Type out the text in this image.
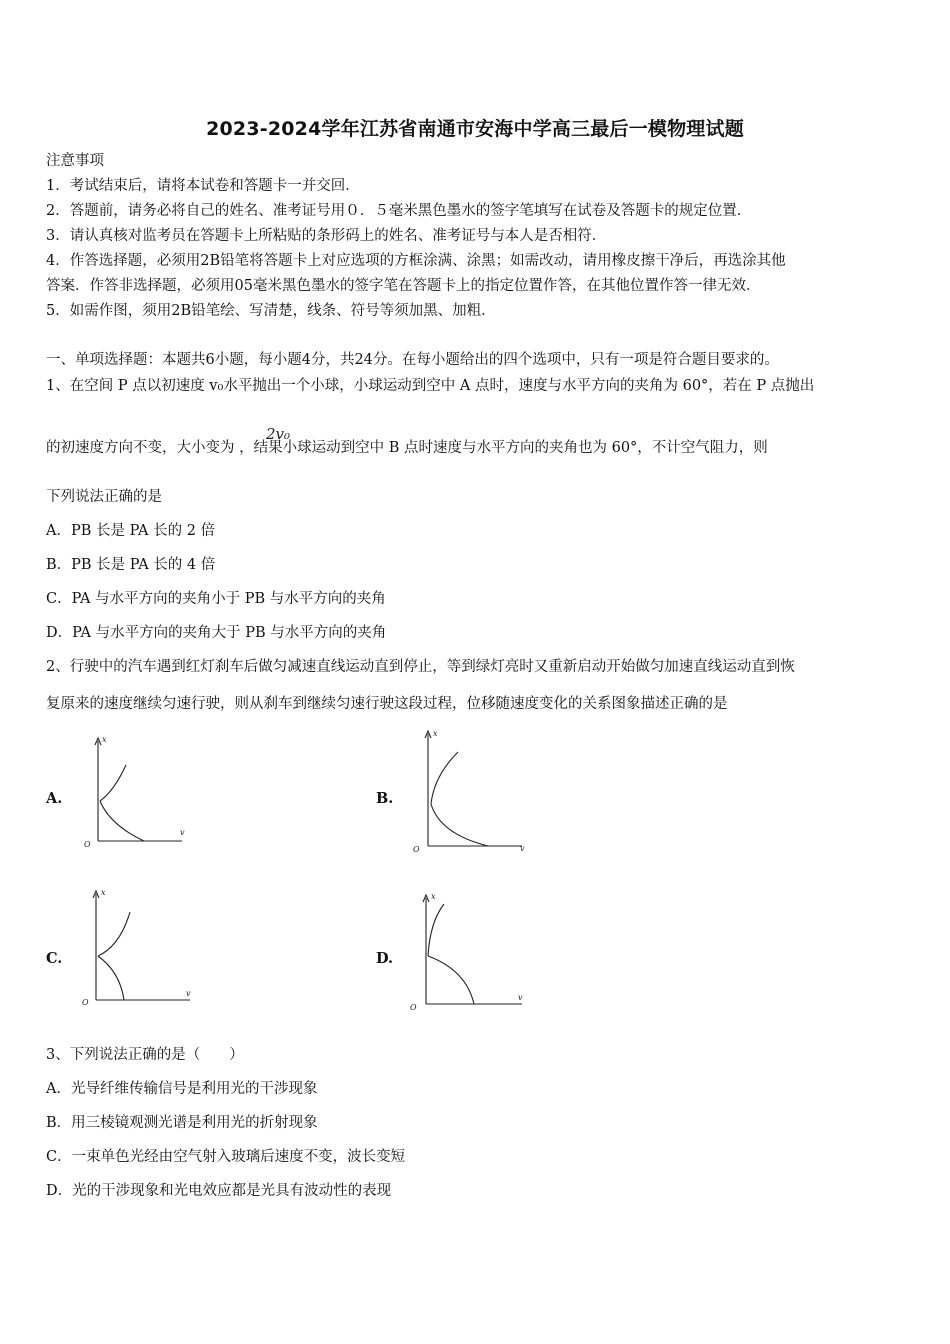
2023-2024学年江苏省南通市安海中学高三最后一模物理试题
注意事项
1．考试结束后，请将本试卷和答题卡一并交回．
2．答题前，请务必将自己的姓名、准考证号用０．５毫米黑色墨水的签字笔填写在试卷及答题卡的规定位置．
3．请认真核对监考员在答题卡上所粘贴的条形码上的姓名、准考证号与本人是否相符．
4．作答选择题，必须用2B铅笔将答题卡上对应选项的方框涂满、涂黑；如需改动，请用橡皮擦干净后，再选涂其他
答案．作答非选择题，必须用05毫米黑色墨水的签字笔在答题卡上的指定位置作答，在其他位置作答一律无效．
5．如需作图，须用2B铅笔绘、写清楚，线条、符号等须加黑、加粗．
一、单项选择题：本题共6小题，每小题4分，共24分。在每小题给出的四个选项中，只有一项是符合题目要求的。
1、在空间 P 点以初速度 v₀水平抛出一个小球，小球运动到空中 A 点时，速度与水平方向的夹角为 60°，若在 P 点抛出
2v₀
的初速度方向不变，大小变为 ，结果小球运动到空中 B 点时速度与水平方向的夹角也为 60°，不计空气阻力，则
下列说法正确的是
A．PB 长是 PA 长的 2 倍
B．PB 长是 PA 长的 4 倍
C．PA 与水平方向的夹角小于 PB 与水平方向的夹角
D．PA 与水平方向的夹角大于 PB 与水平方向的夹角
2、行驶中的汽车遇到红灯刹车后做匀减速直线运动直到停止，等到绿灯亮时又重新启动开始做匀加速直线运动直到恢
复原来的速度继续匀速行驶，则从刹车到继续匀速行驶这段过程，位移随速度变化的关系图象描述正确的是
A.
x
v
O
B.
x
v
O
C.
x
v
O
D.
x
v
O
3、下列说法正确的是（　　）
A．光导纤维传输信号是利用光的干涉现象
B．用三棱镜观测光谱是利用光的折射现象
C．一束单色光经由空气射入玻璃后速度不变，波长变短
D．光的干涉现象和光电效应都是光具有波动性的表现
